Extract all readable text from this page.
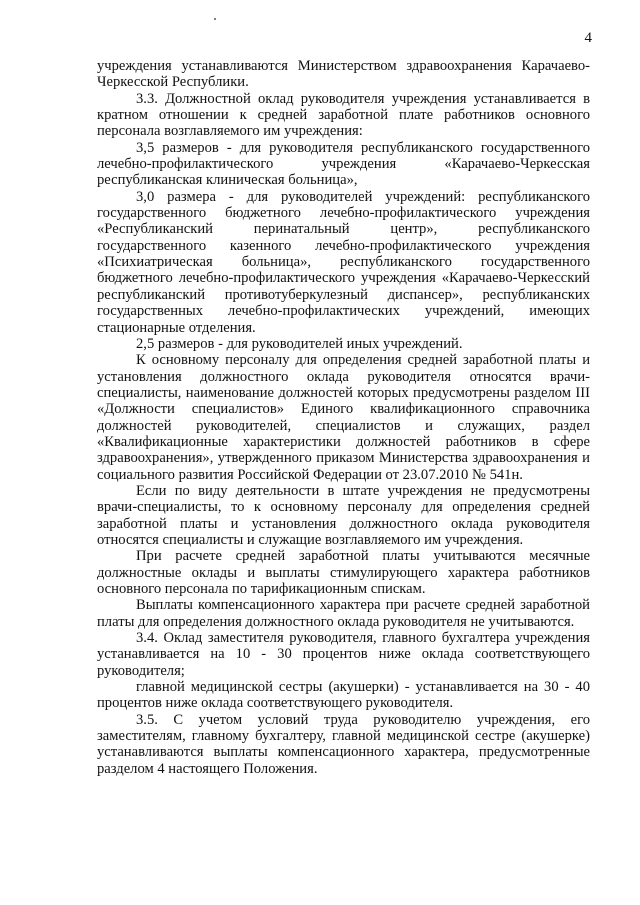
4

учреждения устанавливаются Министерством здравоохранения Карачаево-Черкесской Республики.

3.3. Должностной оклад руководителя учреждения устанавливается в кратном отношении к средней заработной плате работников основного персонала возглавляемого им учреждения:

3,5 размеров - для руководителя республиканского государственного лечебно-профилактического учреждения «Карачаево-Черкесская республиканская клиническая больница»,

3,0 размера - для руководителей учреждений: республиканского государственного бюджетного лечебно-профилактического учреждения «Республиканский перинатальный центр», республиканского государственного казенного лечебно-профилактического учреждения «Психиатрическая больница», республиканского государственного бюджетного лечебно-профилактического учреждения «Карачаево-Черкесский республиканский противотуберкулезный диспансер», республиканских государственных лечебно-профилактических учреждений, имеющих стационарные отделения.

2,5 размеров - для руководителей иных учреждений.

К основному персоналу для определения средней заработной платы и установления должностного оклада руководителя относятся врачи-специалисты, наименование должностей которых предусмотрены разделом III «Должности специалистов» Единого квалификационного справочника должностей руководителей, специалистов и служащих, раздел «Квалификационные характеристики должностей работников в сфере здравоохранения», утвержденного приказом Министерства здравоохранения и социального развития Российской Федерации от 23.07.2010 № 541н.

Если по виду деятельности в штате учреждения не предусмотрены врачи-специалисты, то к основному персоналу для определения средней заработной платы и установления должностного оклада руководителя относятся специалисты и служащие возглавляемого им учреждения.

При расчете средней заработной платы учитываются месячные должностные оклады и выплаты стимулирующего характера работников основного персонала по тарификационным спискам.

Выплаты компенсационного характера при расчете средней заработной платы для определения должностного оклада руководителя не учитываются.

3.4. Оклад заместителя руководителя, главного бухгалтера учреждения устанавливается на 10 - 30 процентов ниже оклада соответствующего руководителя;

главной медицинской сестры (акушерки) - устанавливается на 30 - 40 процентов ниже оклада соответствующего руководителя.

3.5. С учетом условий труда руководителю учреждения, его заместителям, главному бухгалтеру, главной медицинской сестре (акушерке) устанавливаются выплаты компенсационного характера, предусмотренные разделом 4 настоящего Положения.
